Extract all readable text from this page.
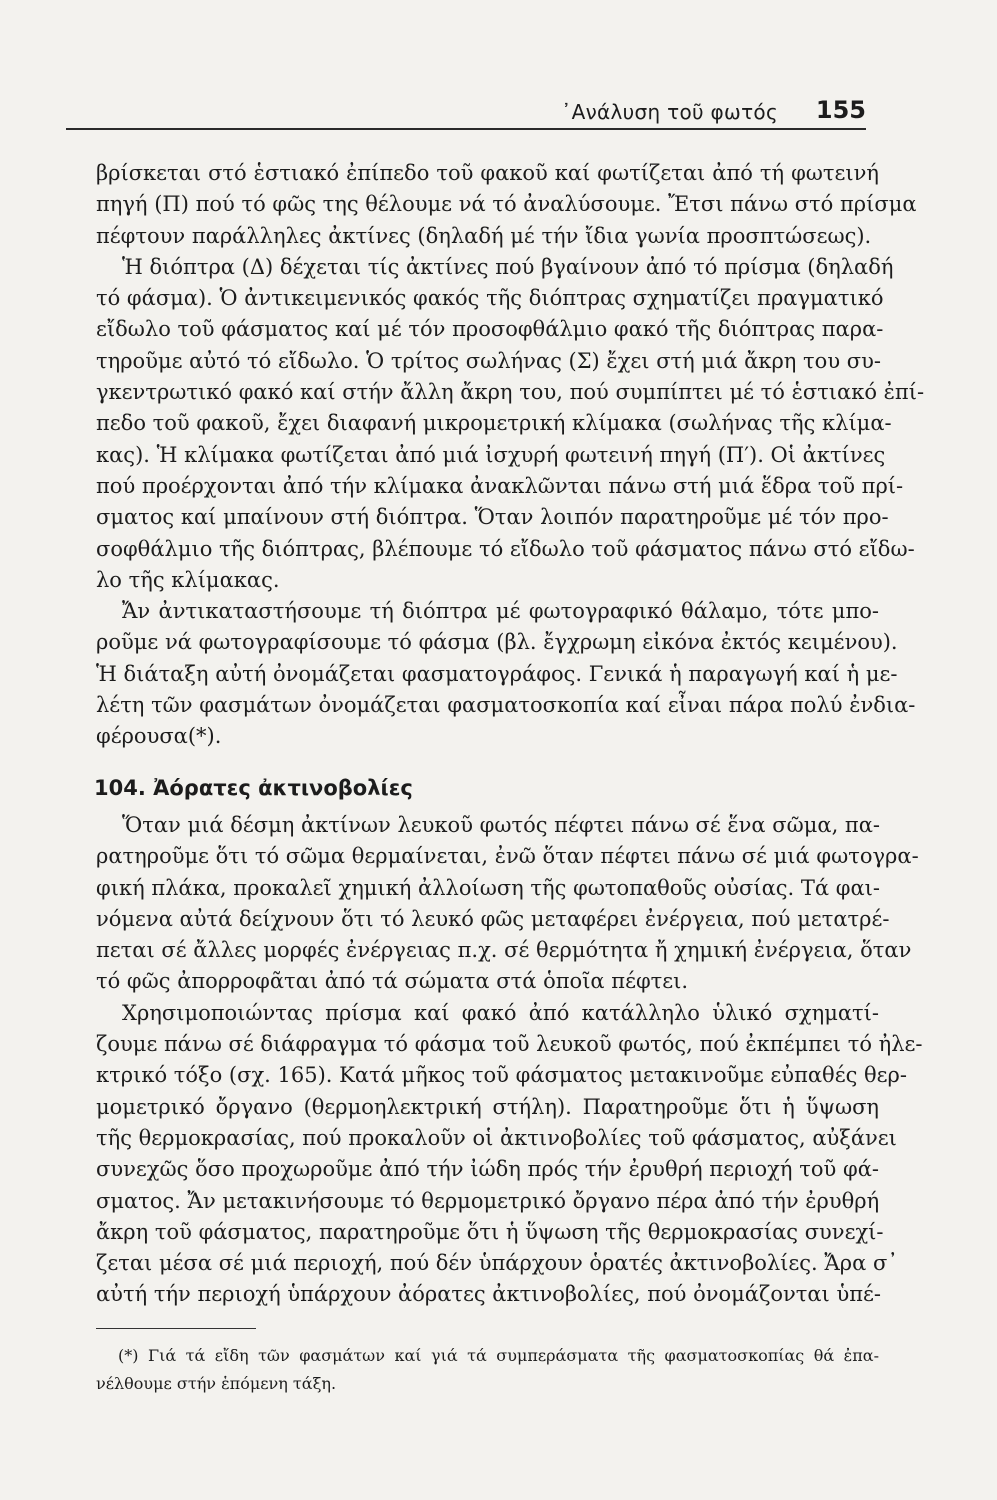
᾿Ανάλυση τοῦ φωτός 155
βρίσκεται στό ἑστιακό ἐπίπεδο τοῦ φακοῦ καί φωτίζεται ἀπό τή φωτεινή
πηγή (Π) πού τό φῶς της θέλουμε νά τό ἀναλύσουμε. Ἔτσι πάνω στό πρίσμα
πέφτουν παράλληλες ἀκτίνες (δηλαδή μέ τήν ἴδια γωνία προσπτώσεως).
Ἡ διόπτρα (Δ) δέχεται τίς ἀκτίνες πού βγαίνουν ἀπό τό πρίσμα (δηλαδή
τό φάσμα). Ὁ ἀντικειμενικός φακός τῆς διόπτρας σχηματίζει πραγματικό
εἴδωλο τοῦ φάσματος καί μέ τόν προσοφθάλμιο φακό τῆς διόπτρας παρα-
τηροῦμε αὐτό τό εἴδωλο. Ὁ τρίτος σωλήνας (Σ) ἔχει στή μιά ἄκρη του συ-
γκεντρωτικό φακό καί στήν ἄλλη ἄκρη του, πού συμπίπτει μέ τό ἑστιακό ἐπί-
πεδο τοῦ φακοῦ, ἔχει διαφανή μικρομετρική κλίμακα (σωλήνας τῆς κλίμα-
κας). Ἡ κλίμακα φωτίζεται ἀπό μιά ἰσχυρή φωτεινή πηγή (Π′). Οἱ ἀκτίνες
πού προέρχονται ἀπό τήν κλίμακα ἀνακλῶνται πάνω στή μιά ἕδρα τοῦ πρί-
σματος καί μπαίνουν στή διόπτρα. Ὅταν λοιπόν παρατηροῦμε μέ τόν προ-
σοφθάλμιο τῆς διόπτρας, βλέπουμε τό εἴδωλο τοῦ φάσματος πάνω στό εἴδω-
λο τῆς κλίμακας.
Ἄν ἀντικαταστήσουμε τή διόπτρα μέ φωτογραφικό θάλαμο, τότε μπο-
ροῦμε νά φωτογραφίσουμε τό φάσμα (βλ. ἔγχρωμη εἰκόνα ἐκτός κειμένου).
Ἡ διάταξη αὐτή ὀνομάζεται φασματογράφος. Γενικά ἡ παραγωγή καί ἡ με-
λέτη τῶν φασμάτων ὀνομάζεται φασματοσκοπία καί εἶναι πάρα πολύ ἐνδια-
φέρουσα(*).
104. Ἀόρατες ἀκτινοβολίες
Ὅταν μιά δέσμη ἀκτίνων λευκοῦ φωτός πέφτει πάνω σέ ἕνα σῶμα, πα-
ρατηροῦμε ὅτι τό σῶμα θερμαίνεται, ἐνῶ ὅταν πέφτει πάνω σέ μιά φωτογρα-
φική πλάκα, προκαλεῖ χημική ἀλλοίωση τῆς φωτοπαθοῦς οὐσίας. Τά φαι-
νόμενα αὐτά δείχνουν ὅτι τό λευκό φῶς μεταφέρει ἐνέργεια, πού μετατρέ-
πεται σέ ἄλλες μορφές ἐνέργειας π.χ. σέ θερμότητα ἤ χημική ἐνέργεια, ὅταν
τό φῶς ἀπορροφᾶται ἀπό τά σώματα στά ὁποῖα πέφτει.
Χρησιμοποιώντας πρίσμα καί φακό ἀπό κατάλληλο ὑλικό σχηματί-
ζουμε πάνω σέ διάφραγμα τό φάσμα τοῦ λευκοῦ φωτός, πού ἐκπέμπει τό ἠλε-
κτρικό τόξο (σχ. 165). Κατά μῆκος τοῦ φάσματος μετακινοῦμε εὐπαθές θερ-
μομετρικό ὄργανο (θερμοηλεκτρική στήλη). Παρατηροῦμε ὅτι ἡ ὕψωση
τῆς θερμοκρασίας, πού προκαλοῦν οἱ ἀκτινοβολίες τοῦ φάσματος, αὐξάνει
συνεχῶς ὅσο προχωροῦμε ἀπό τήν ἰώδη πρός τήν ἐρυθρή περιοχή τοῦ φά-
σματος. Ἄν μετακινήσουμε τό θερμομετρικό ὄργανο πέρα ἀπό τήν ἐρυθρή
ἄκρη τοῦ φάσματος, παρατηροῦμε ὅτι ἡ ὕψωση τῆς θερμοκρασίας συνεχί-
ζεται μέσα σέ μιά περιοχή, πού δέν ὑπάρχουν ὁρατές ἀκτινοβολίες. Ἄρα σ᾿
αὐτή τήν περιοχή ὑπάρχουν ἀόρατες ἀκτινοβολίες, πού ὀνομάζονται ὑπέ-
(*) Γιά τά εἴδη τῶν φασμάτων καί γιά τά συμπεράσματα τῆς φασματοσκοπίας θά ἐπα-
νέλθουμε στήν ἑπόμενη τάξη.
